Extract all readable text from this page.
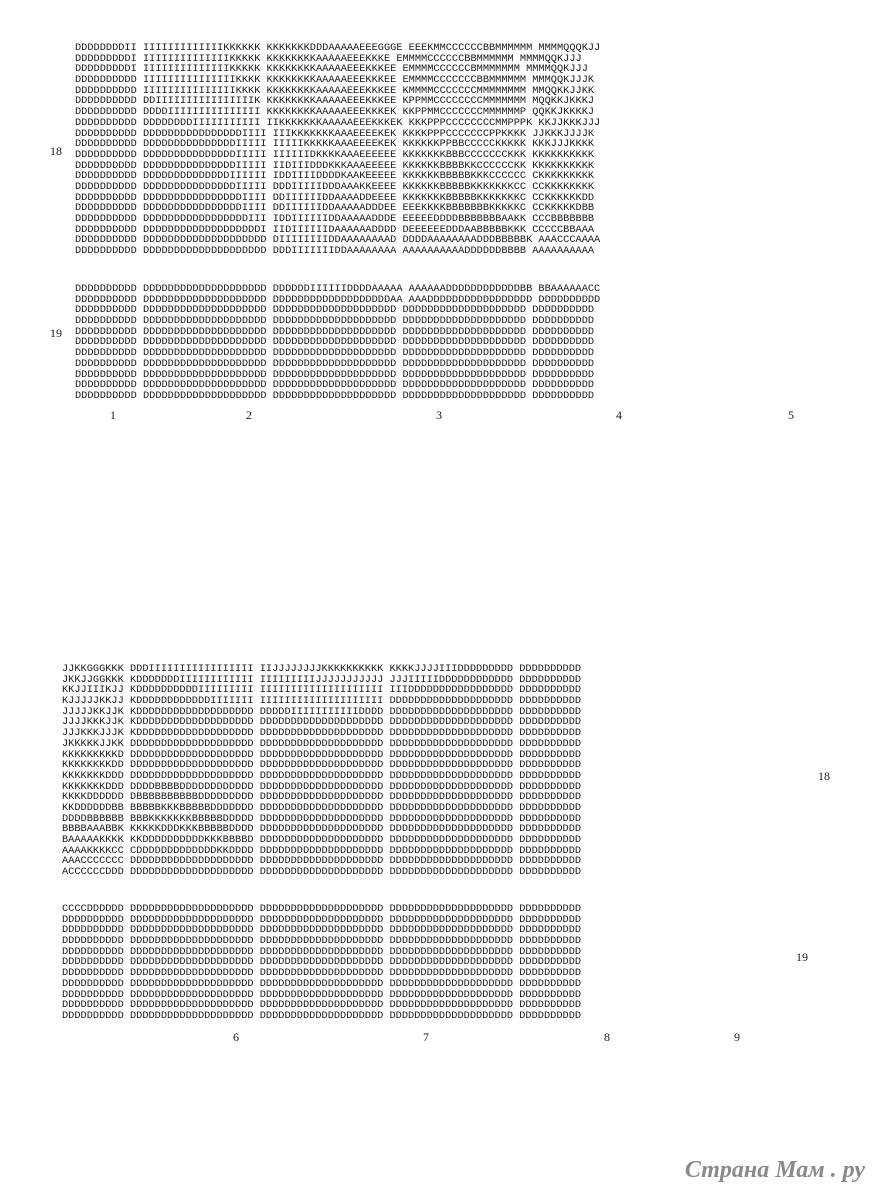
DDDDDDDDII IIIIIIIIIIIIIKKKKKK KKKKKKKDDDAAAAAEEEGGGE EEEKMMCCCCCCBBMMMMMM MMMMQQQKJJ
DDDDDDDDDI IIIIIIIIIIIIIIKKKKK KKKKKKKKAAAAAEEEKKKE EMMMMCCCCCCBBMMMMMM MMMMQQKJJJ
DDDDDDDDDI IIIIIIIIIIIIIIKKKKK KKKKKKKKAAAAAEEEKKKEE EMMMMCCCCCCBMMMMMMM MMMMQQKJJJ
DDDDDDDDDD IIIIIIIIIIIIIIIKKKK KKKKKKKKAAAAAEEEKKKEE EMMMMCCCCCCCBBMMMMMM MMMQQKJJJK
DDDDDDDDDD IIIIIIIIIIIIIIIKKKK KKKKKKKKAAAAAEEEKKKEE KMMMMCCCCCCCMMMMMMMM MMQQKKJJKK
DDDDDDDDDD DDIIIIIIIIIIIIIIIIK KKKKKKKKAAAAAEEEKKKEE KPPMMCCCCCCCCMMMMMMM MQQKKJKKKJ
DDDDDDDDDD DDDDIIIIIIIIIIIIIII KKKKKKKKAAAAAEEEKKKEK KKPPMMCCCCCCCMMMMMMP QQKKJKKKKJ
DDDDDDDDDD DDDDDDDDIIIIIIIIIII IIKKKKKKKAAAAAEEEKKKEK KKKPPPCCCCCCCCMMPPPK KKJJKKKJJJ
DDDDDDDDDD DDDDDDDDDDDDDDDDIIII IIIKKKKKKKAAAEEEEKEK KKKKPPPCCCCCCCPPKKKK JJKKKJJJJK
DDDDDDDDDD DDDDDDDDDDDDDDDIIIII IIIIIKKKKKAAAEEEEKEK KKKKKKPPBBCCCCCKKKKK KKKJJJKKKK
DDDDDDDDDD DDDDDDDDDDDDDDDIIIII IIIIIIDKKKKAAAEEEEEE KKKKKKKBBBCCCCCCCKKK KKKKKKKKKK
DDDDDDDDDD DDDDDDDDDDDDDDDIIIII IIDIIIDDDKKKAAAEEEEE KKKKKKBBBBKKCCCCCCKK KKKKKKKKKK
DDDDDDDDDD DDDDDDDDDDDDDDIIIIII IDDIIIIDDDDKAAKEEEEE KKKKKKBBBBBKKKCCCCCC CKKKKKKKKK
DDDDDDDDDD DDDDDDDDDDDDDDDIIIII DDDIIIIIDDDAAAKKEEEE KKKKKKBBBBBKKKKKKKCC CCKKKKKKKK
DDDDDDDDDD DDDDDDDDDDDDDDDDIIII DDIIIIIIDDAAAADDEEEE KKKKKKKBBBBBKKKKKKKC CCKKKKKKDD
DDDDDDDDDD DDDDDDDDDDDDDDDDIIII DDIIIIIIDDAAAAADDDEE EEEKKKKBBBBBBBKKKKKC CCKKKKKDBB
DDDDDDDDDD DDDDDDDDDDDDDDDDDIII IDDIIIIIIDDAAAAADDDE EEEEEDDDDBBBBBBBAAKK CCCBBBBBBB
DDDDDDDDDD DDDDDDDDDDDDDDDDDDDI IIDIIIIIIDAAAAAADDDD DEEEEEEDDDAABBBBBKKK CCCCCBBAAA
DDDDDDDDDD DDDDDDDDDDDDDDDDDDDD DIIIIIIIIDDAAAAAAAAD DDDDAAAAAAAADDDBBBBBK AAACCCAAAA
DDDDDDDDDD DDDDDDDDDDDDDDDDDDDD DDDIIIIIIIDDAAAAAAAA AAAAAAAAAADDDDDDBBBB AAAAAAAAAA
DDDDDDDDDD DDDDDDDDDDDDDDDDDDDD DDDDDDIIIIIIDDDDAAAAA AAAAAADDDDDDDDDDDDBB BBAAAAAACC
DDDDDDDDDD DDDDDDDDDDDDDDDDDDDD DDDDDDDDDDDDDDDDDDDAA AAADDDDDDDDDDDDDDDDD DDDDDDDDDD
DDDDDDDDDD DDDDDDDDDDDDDDDDDDDD DDDDDDDDDDDDDDDDDDDD DDDDDDDDDDDDDDDDDDDD DDDDDDDDDD
DDDDDDDDDD DDDDDDDDDDDDDDDDDDDD DDDDDDDDDDDDDDDDDDDD DDDDDDDDDDDDDDDDDDDD DDDDDDDDDD
DDDDDDDDDD DDDDDDDDDDDDDDDDDDDD DDDDDDDDDDDDDDDDDDDD DDDDDDDDDDDDDDDDDDDD DDDDDDDDDD
DDDDDDDDDD DDDDDDDDDDDDDDDDDDDD DDDDDDDDDDDDDDDDDDDD DDDDDDDDDDDDDDDDDDDD DDDDDDDDDD
DDDDDDDDDD DDDDDDDDDDDDDDDDDDDD DDDDDDDDDDDDDDDDDDDD DDDDDDDDDDDDDDDDDDDD DDDDDDDDDD
DDDDDDDDDD DDDDDDDDDDDDDDDDDDDD DDDDDDDDDDDDDDDDDDDD DDDDDDDDDDDDDDDDDDDD DDDDDDDDDD
DDDDDDDDDD DDDDDDDDDDDDDDDDDDDD DDDDDDDDDDDDDDDDDDDD DDDDDDDDDDDDDDDDDDDD DDDDDDDDDD
DDDDDDDDDD DDDDDDDDDDDDDDDDDDDD DDDDDDDDDDDDDDDDDDDD DDDDDDDDDDDDDDDDDDDD DDDDDDDDDD
DDDDDDDDDD DDDDDDDDDDDDDDDDDDDD DDDDDDDDDDDDDDDDDDDD DDDDDDDDDDDDDDDDDDDD DDDDDDDDDD
18
19
1	2	3	4	5
JJKKGGGKKK DDDIIIIIIIIIIIIIIIII IIJJJJJJJJKKKKKKKKKK KKKKJJJJIIIDDDDDDDDD DDDDDDDDDD
JKKJJGGKKK KDDDDDDDIIIIIIIIIIII IIIIIIIIIJJJJJJJJJJJ JJJIIIIIDDDDDDDDDDDD DDDDDDDDDD
KKJJIIIKJJ KDDDDDDDDDDIIIIIIIII IIIIIIIIIIIIIIIIIIII IIIDDDDDDDDDDDDDDDDD DDDDDDDDDD
KJJJJJKKJJ KDDDDDDDDDDDDIIIIIII IIIIIIIIIIIIIIIIIIII DDDDDDDDDDDDDDDDDDDD DDDDDDDDDD
JJJJJKKJJK KDDDDDDDDDDDDDDDDDDD DDDDDIIIIIIIIIIIDDDD DDDDDDDDDDDDDDDDDDDD DDDDDDDDDD
JJJJKKKJJK KDDDDDDDDDDDDDDDDDDD DDDDDDDDDDDDDDDDDDDD DDDDDDDDDDDDDDDDDDDD DDDDDDDDDD
JJJKKKJJJK KDDDDDDDDDDDDDDDDDDD DDDDDDDDDDDDDDDDDDDD DDDDDDDDDDDDDDDDDDDD DDDDDDDDDD
JKKKKKJJKK DDDDDDDDDDDDDDDDDDDD DDDDDDDDDDDDDDDDDDDD DDDDDDDDDDDDDDDDDDDD DDDDDDDDDD
KKKKKKKKKD DDDDDDDDDDDDDDDDDDDD DDDDDDDDDDDDDDDDDDDD DDDDDDDDDDDDDDDDDDDD DDDDDDDDDD
KKKKKKKKDD DDDDDDDDDDDDDDDDDDDD DDDDDDDDDDDDDDDDDDDD DDDDDDDDDDDDDDDDDDDD DDDDDDDDDD
KKKKKKKDDD DDDDDDDDDDDDDDDDDDDD DDDDDDDDDDDDDDDDDDDD DDDDDDDDDDDDDDDDDDDD DDDDDDDDDD
KKKKKKKDDD DDDDBBBBDDDDDDDDDDDD DDDDDDDDDDDDDDDDDDDD DDDDDDDDDDDDDDDDDDDD DDDDDDDDDD
KKKKDDDDDD DBBBBBBBBBBDDDDDDDDD DDDDDDDDDDDDDDDDDDDD DDDDDDDDDDDDDDDDDDDD DDDDDDDDDD
KKDDDDDDBB BBBBBKKKBBBBBDDDDDDD DDDDDDDDDDDDDDDDDDDD DDDDDDDDDDDDDDDDDDDD DDDDDDDDDD
DDDDBBBBBB BBBKKKKKKKBBBBBDDDDD DDDDDDDDDDDDDDDDDDDD DDDDDDDDDDDDDDDDDDDD DDDDDDDDDD
BBBBAAABBK KKKKKDDDKKKBBBBBDDDD DDDDDDDDDDDDDDDDDDDD DDDDDDDDDDDDDDDDDDDD DDDDDDDDDD
BAAAAAKKKK KKDDDDDDDDDDKKKBBBBD DDDDDDDDDDDDDDDDDDDD DDDDDDDDDDDDDDDDDDDD DDDDDDDDDD
AAAAKKKKCC CDDDDDDDDDDDDDKKDDDD DDDDDDDDDDDDDDDDDDDD DDDDDDDDDDDDDDDDDDDD DDDDDDDDDD
AAACCCCCCC DDDDDDDDDDDDDDDDDDDD DDDDDDDDDDDDDDDDDDDD DDDDDDDDDDDDDDDDDDDD DDDDDDDDDD
ACCCCCCDDD DDDDDDDDDDDDDDDDDDDD DDDDDDDDDDDDDDDDDDDD DDDDDDDDDDDDDDDDDDDD DDDDDDDDDD
CCCCDDDDDD DDDDDDDDDDDDDDDDDDDD DDDDDDDDDDDDDDDDDDDD DDDDDDDDDDDDDDDDDDDD DDDDDDDDDD
DDDDDDDDDD DDDDDDDDDDDDDDDDDDDD DDDDDDDDDDDDDDDDDDDD DDDDDDDDDDDDDDDDDDDD DDDDDDDDDD
DDDDDDDDDD DDDDDDDDDDDDDDDDDDDD DDDDDDDDDDDDDDDDDDDD DDDDDDDDDDDDDDDDDDDD DDDDDDDDDD
DDDDDDDDDD DDDDDDDDDDDDDDDDDDDD DDDDDDDDDDDDDDDDDDDD DDDDDDDDDDDDDDDDDDDD DDDDDDDDDD
DDDDDDDDDD DDDDDDDDDDDDDDDDDDDD DDDDDDDDDDDDDDDDDDDD DDDDDDDDDDDDDDDDDDDD DDDDDDDDDD
DDDDDDDDDD DDDDDDDDDDDDDDDDDDDD DDDDDDDDDDDDDDDDDDDD DDDDDDDDDDDDDDDDDDDD DDDDDDDDDD
DDDDDDDDDD DDDDDDDDDDDDDDDDDDDD DDDDDDDDDDDDDDDDDDDD DDDDDDDDDDDDDDDDDDDD DDDDDDDDDD
DDDDDDDDDD DDDDDDDDDDDDDDDDDDDD DDDDDDDDDDDDDDDDDDDD DDDDDDDDDDDDDDDDDDDD DDDDDDDDDD
DDDDDDDDDD DDDDDDDDDDDDDDDDDDDD DDDDDDDDDDDDDDDDDDDD DDDDDDDDDDDDDDDDDDDD DDDDDDDDDD
DDDDDDDDDD DDDDDDDDDDDDDDDDDDDD DDDDDDDDDDDDDDDDDDDD DDDDDDDDDDDDDDDDDDDD DDDDDDDDDD
DDDDDDDDDD DDDDDDDDDDDDDDDDDDDD DDDDDDDDDDDDDDDDDDDD DDDDDDDDDDDDDDDDDDDD DDDDDDDDDD
18
19
6	7	8	9
Страна Мам . ру
